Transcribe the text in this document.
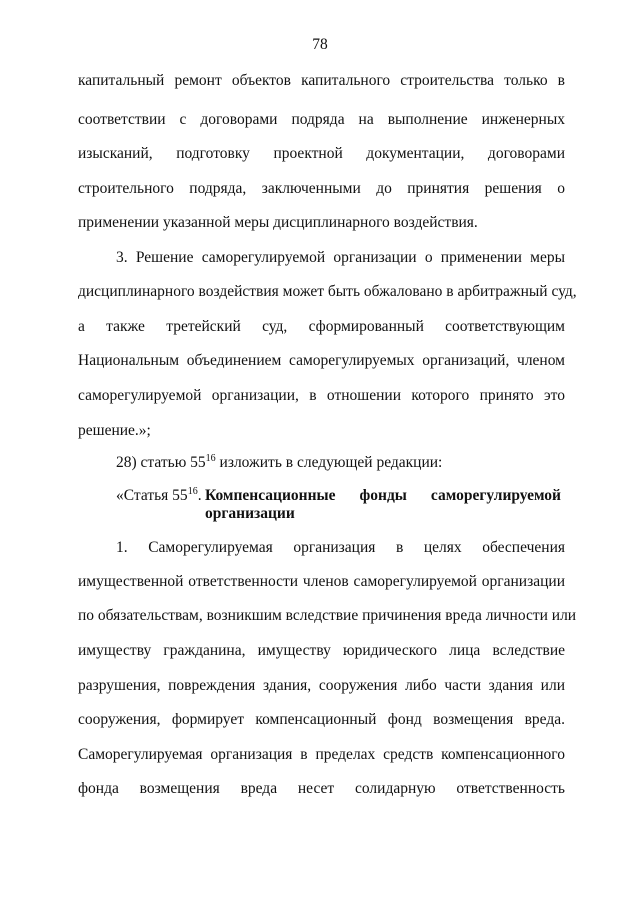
78
капитальный ремонт объектов капитального строительства только в
соответствии с договорами подряда на выполнение инженерных
изысканий, подготовку проектной документации, договорами
строительного подряда, заключенными до принятия решения о
применении указанной меры дисциплинарного воздействия.
3. Решение саморегулируемой организации о применении меры
дисциплинарного воздействия может быть обжаловано в арбитражный суд,
а также третейский суд, сформированный соответствующим
Национальным объединением саморегулируемых организаций, членом
саморегулируемой организации, в отношении которого принято это
решение.»;
28) статью $55^{16}$ изложить в следующей редакции:
«Статья $55^{16}$. Компенсационные фонды саморегулируемой
организации
1. Саморегулируемая организация в целях обеспечения
имущественной ответственности членов саморегулируемой организации
по обязательствам, возникшим вследствие причинения вреда личности или
имуществу гражданина, имуществу юридического лица вследствие
разрушения, повреждения здания, сооружения либо части здания или
сооружения, формирует компенсационный фонд возмещения вреда.
Саморегулируемая организация в пределах средств компенсационного
фонда возмещения вреда несет солидарную ответственность
